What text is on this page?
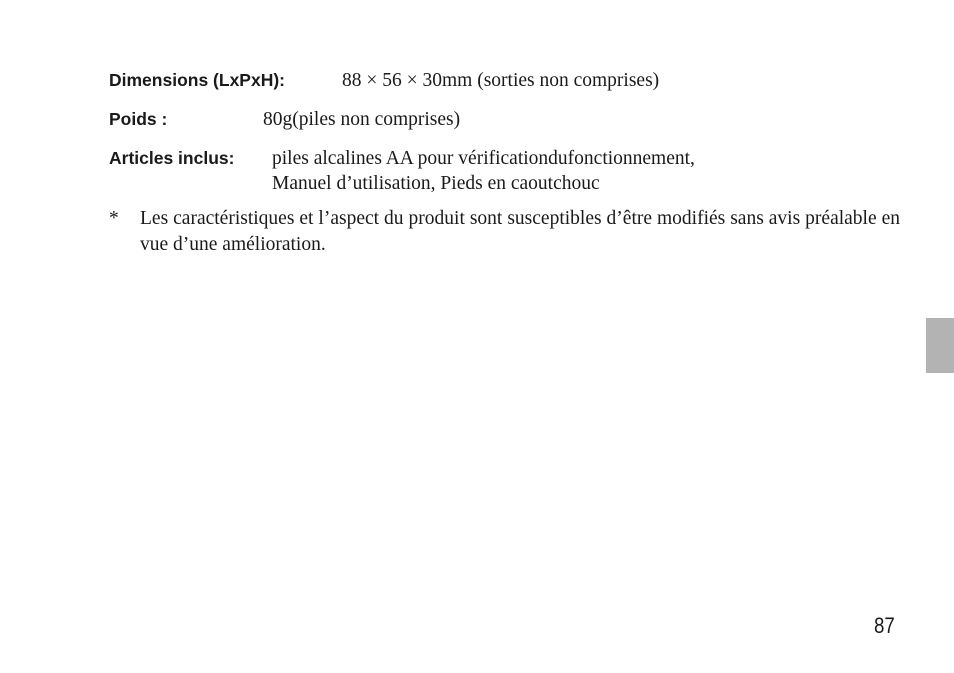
Dimensions (LxPxH):	88 × 56 × 30mm (sorties non comprises)
Poids :	80g(piles non comprises)
Articles inclus: piles alcalines AA pour vérificationdufonctionnement,
Manuel d’utilisation, Pieds en caoutchouc
* Les caractéristiques et l’aspect du produit sont susceptibles d’être modifiés sans avis préalable en vue d’une amélioration.
87
